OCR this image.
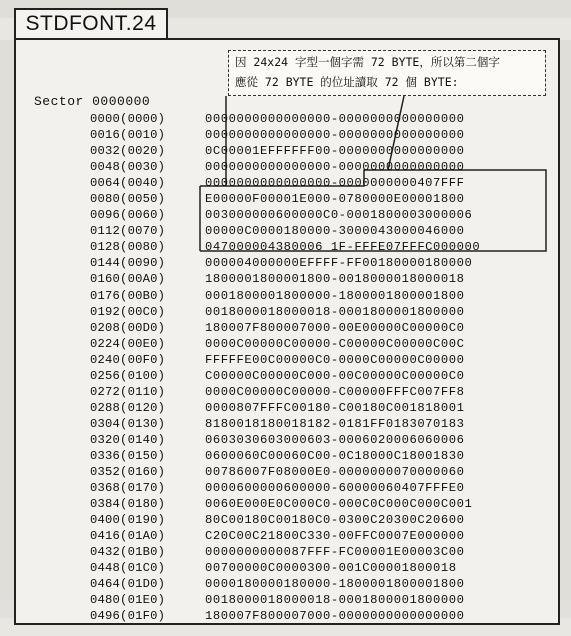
STDFONT.24
因 24x24 字型一個字需 72 BYTE，所以第二個字
應從 72 BYTE 的位址讀取 72 個 BYTE:
Sector 0000000
0000(0000)	0000000000000000-0000000000000000
0016(0010)	0000000000000000-0000000000000000
0032(0020)	0C00001EFFFFFF00-0000000000000000
0048(0030)	0000000000000000-0000000000000000
0064(0040)	0000000000000000-0000000000407FFF
0080(0050)	E00000F00001E000-0780000E00001800
0096(0060)	003000000600000C0-0001800003000006
0112(0070)	00000C0000180000-3000043000046000
0128(0080)	047000004380006 1F-FFFE07FFFC000000
0144(0090)	000004000000EFFFF-FF00180000180000
0160(00A0)	1800001800001800-0018000018000018
0176(00B0)	0001800001800000-1800001800001800
0192(00C0)	0018000018000018-0001800001800000
0208(00D0)	180007F800007000-00E00000C00000C0
0224(00E0)	0000C00000C00000-C00000C00000C00C
0240(00F0)	FFFFFE00C00000C0-0000C00000C00000
0256(0100)	C00000C00000C000-00C00000C00000C0
0272(0110)	0000C00000C00000-C00000FFFC007FF8
0288(0120)	0000807FFFC00180-C00180C001818001
0304(0130)	8180018180018182-0181FF0183070183
0320(0140)	0603030603000603-0006020006060006
0336(0150)	0600060C00060C00-0C18000C18001830
0352(0160)	00786007F08000E0-0000000070000060
0368(0170)	0000600000600000-60000060407FFFE0
0384(0180)	0060E000E0C000C0-000C0C000C000C001
0400(0190)	80C00180C00180C0-0300C20300C20600
0416(01A0)	C20C00C21800C330-00FFC0007E000000
0432(01B0)	0000000000087FFF-FC00001E00003C00
0448(01C0)	00700000C0000300-001C00001800018
0464(01D0)	0000180000180000-1800001800001800
0480(01E0)	0018000018000018-0001800001800000
0496(01F0)	180007F800007000-0000000000000000
